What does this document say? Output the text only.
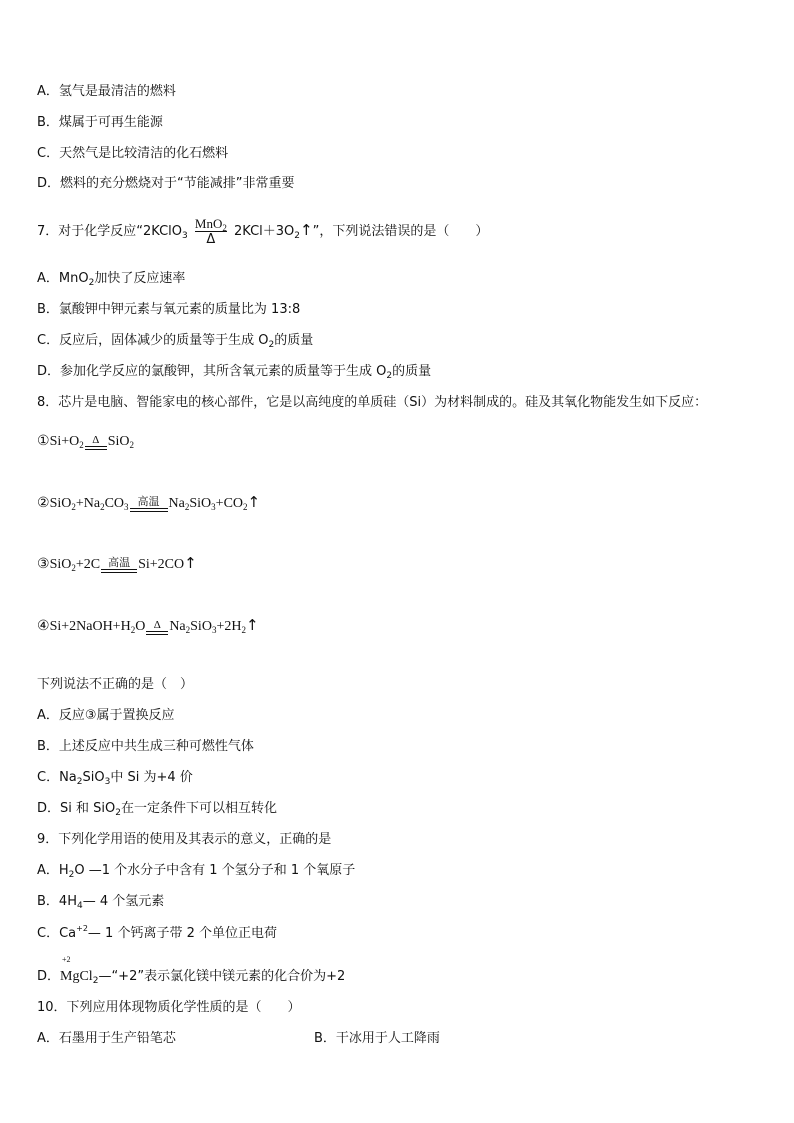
A．氢气是最清洁的燃料
B．煤属于可再生能源
C．天然气是比较清洁的化石燃料
D．燃料的充分燃烧对于“节能减排”非常重要
7．对于化学反应“2KClO$_3$ $\frac{MnO_2}{\Delta}$ $2KCl+3O_2↑$”，下列说法错误的是（　　）
A．MnO$_2$加快了反应速率
B．氯酸钾中钾元素与氧元素的质量比为 13:8
C．反应后，固体减少的质量等于生成 $O_2$的质量
D．参加化学反应的氯酸钾，其所含氧元素的质量等于生成 $O_2$的质量
8．芯片是电脑、智能家电的核心部件，它是以高纯度的单质硅（Si）为材料制成的。硅及其氧化物能发生如下反应：
$①Si+O_2$ Δ SiO$_2$
$②SiO_2+Na_2CO_3$ 高温 $Na_2SiO_3+CO_2↑$
③SiO$_2$+2C 高温 Si+2CO↑
$④Si+2NaOH+H_2O$ Δ $Na_2SiO_3+2H_2↑$
下列说法不正确的是（　）
A．反应③属于置换反应
B．上述反应中共生成三种可燃性气体
C．$Na_2SiO_3$中 Si 为+4 价
D．Si 和 SiO$_2$在一定条件下可以相互转化
9．下列化学用语的使用及其表示的意义，正确的是
A．$H_2O$ —1 个水分子中含有 1 个氢分子和 1 个氧原子
B．$4H_4—$ 4 个氢元素
C．$Ca^{+2}—$ 1 个钙离子带 2 个单位正电荷
D．
+2
MgCl$_2$—“+2”表示氯化镁中镁元素的化合价为+2
10．下列应用体现物质化学性质的是（　　）
A．石墨用于生产铅笔芯	B．干冰用于人工降雨
